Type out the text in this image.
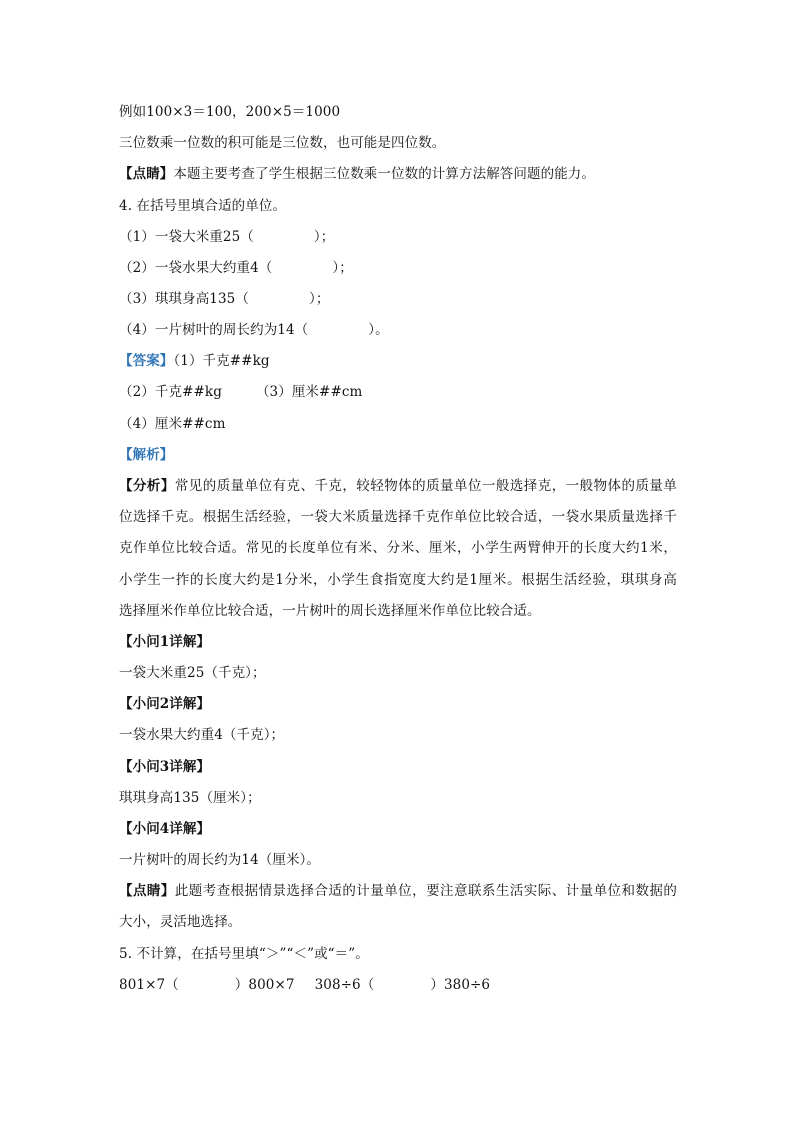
例如100×3＝100，200×5＝1000
三位数乘一位数的积可能是三位数，也可能是四位数。
【点睛】本题主要考查了学生根据三位数乘一位数的计算方法解答问题的能力。
4. 在括号里填合适的单位。
（1）一袋大米重25（	）；
（2）一袋水果大约重4（	）；
（3）琪琪身高135（	）；
（4）一片树叶的周长约为14（	）。
【答案】（1）千克##kg
（2）千克##kg	（3）厘米##cm
（4）厘米##cm
【解析】
【分析】常见的质量单位有克、千克，较轻物体的质量单位一般选择克，一般物体的质量单
位选择千克。根据生活经验，一袋大米质量选择千克作单位比较合适，一袋水果质量选择千
克作单位比较合适。常见的长度单位有米、分米、厘米，小学生两臂伸开的长度大约1米，
小学生一拃的长度大约是1分米，小学生食指宽度大约是1厘米。根据生活经验，琪琪身高
选择厘米作单位比较合适，一片树叶的周长选择厘米作单位比较合适。
【小问1详解】
一袋大米重25（千克）；
【小问2详解】
一袋水果大约重4（千克）；
【小问3详解】
琪琪身高135（厘米）；
【小问4详解】
一片树叶的周长约为14（厘米）。
【点睛】此题考查根据情景选择合适的计量单位，要注意联系生活实际、计量单位和数据的
大小，灵活地选择。
5. 不计算，在括号里填“＞”“＜”或“＝”。
801×7（	）800×7 308÷6（	）380÷6
